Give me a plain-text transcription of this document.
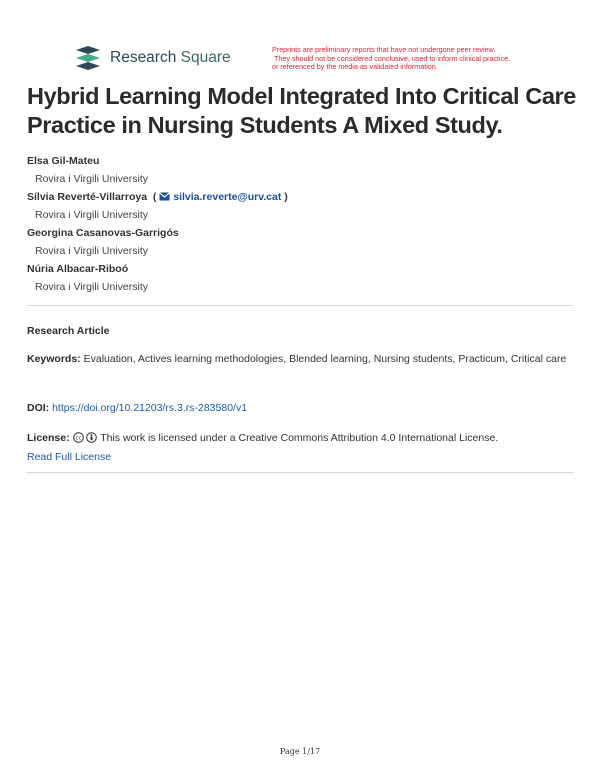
Research Square	Preprints are preliminary reports that have not undergone peer review.
They should not be considered conclusive, used to inform clinical practice,
or referenced by the media as validated information.
Hybrid Learning Model Integrated Into Critical Care Practice in Nursing Students A Mixed Study.
Elsa Gil-Mateu
Rovira i Virgili University
Sílvia Reverté-Villarroya  ( silvia.reverte@urv.cat )
Rovira i Virgili University
Georgina Casanovas-Garrigós
Rovira i Virgili University
Núria Albacar-Riboó
Rovira i Virgili University
Research Article
Keywords: Evaluation, Actives learning methodologies, Blended learning, Nursing students, Practicum, Critical care
DOI: https://doi.org/10.21203/rs.3.rs-283580/v1
License: cc This work is licensed under a Creative Commons Attribution 4.0 International License.
Read Full License
Page 1/17
